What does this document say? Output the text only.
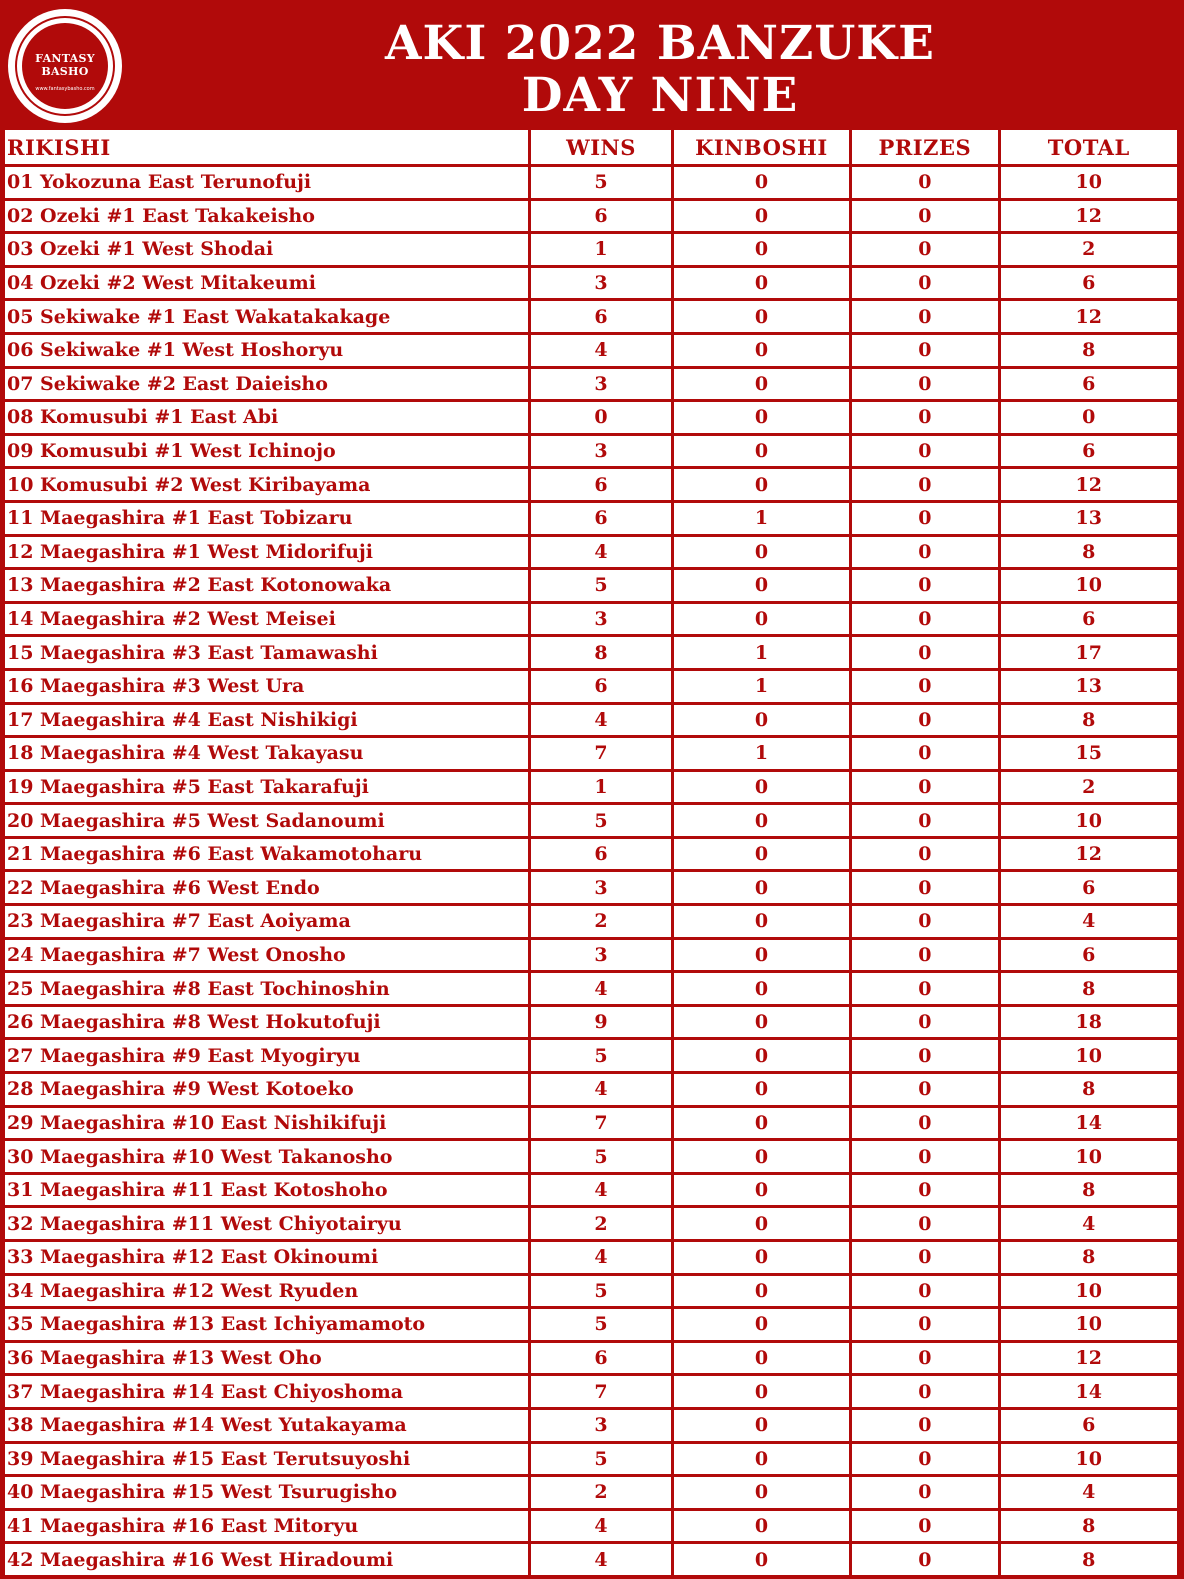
FANTASY
BASHO
www.fantasybasho.com
AKI 2022 BANZUKE
DAY NINE
RIKISHI	WINS	KINBOSHI	PRIZES	TOTAL
01 Yokozuna East Terunofuji	5	0	0	10
02 Ozeki #1 East Takakeisho	6	0	0	12
03 Ozeki #1 West Shodai	1	0	0	2
04 Ozeki #2 West Mitakeumi	3	0	0	6
05 Sekiwake #1 East Wakatakakage	6	0	0	12
06 Sekiwake #1 West Hoshoryu	4	0	0	8
07 Sekiwake #2 East Daieisho	3	0	0	6
08 Komusubi #1 East Abi	0	0	0	0
09 Komusubi #1 West Ichinojo	3	0	0	6
10 Komusubi #2 West Kiribayama	6	0	0	12
11 Maegashira #1 East Tobizaru	6	1	0	13
12 Maegashira #1 West Midorifuji	4	0	0	8
13 Maegashira #2 East Kotonowaka	5	0	0	10
14 Maegashira #2 West Meisei	3	0	0	6
15 Maegashira #3 East Tamawashi	8	1	0	17
16 Maegashira #3 West Ura	6	1	0	13
17 Maegashira #4 East Nishikigi	4	0	0	8
18 Maegashira #4 West Takayasu	7	1	0	15
19 Maegashira #5 East Takarafuji	1	0	0	2
20 Maegashira #5 West Sadanoumi	5	0	0	10
21 Maegashira #6 East Wakamotoharu	6	0	0	12
22 Maegashira #6 West Endo	3	0	0	6
23 Maegashira #7 East Aoiyama	2	0	0	4
24 Maegashira #7 West Onosho	3	0	0	6
25 Maegashira #8 East Tochinoshin	4	0	0	8
26 Maegashira #8 West Hokutofuji	9	0	0	18
27 Maegashira #9 East Myogiryu	5	0	0	10
28 Maegashira #9 West Kotoeko	4	0	0	8
29 Maegashira #10 East Nishikifuji	7	0	0	14
30 Maegashira #10 West Takanosho	5	0	0	10
31 Maegashira #11 East Kotoshoho	4	0	0	8
32 Maegashira #11 West Chiyotairyu	2	0	0	4
33 Maegashira #12 East Okinoumi	4	0	0	8
34 Maegashira #12 West Ryuden	5	0	0	10
35 Maegashira #13 East Ichiyamamoto	5	0	0	10
36 Maegashira #13 West Oho	6	0	0	12
37 Maegashira #14 East Chiyoshoma	7	0	0	14
38 Maegashira #14 West Yutakayama	3	0	0	6
39 Maegashira #15 East Terutsuyoshi	5	0	0	10
40 Maegashira #15 West Tsurugisho	2	0	0	4
41 Maegashira #16 East Mitoryu	4	0	0	8
42 Maegashira #16 West Hiradoumi	4	0	0	8
